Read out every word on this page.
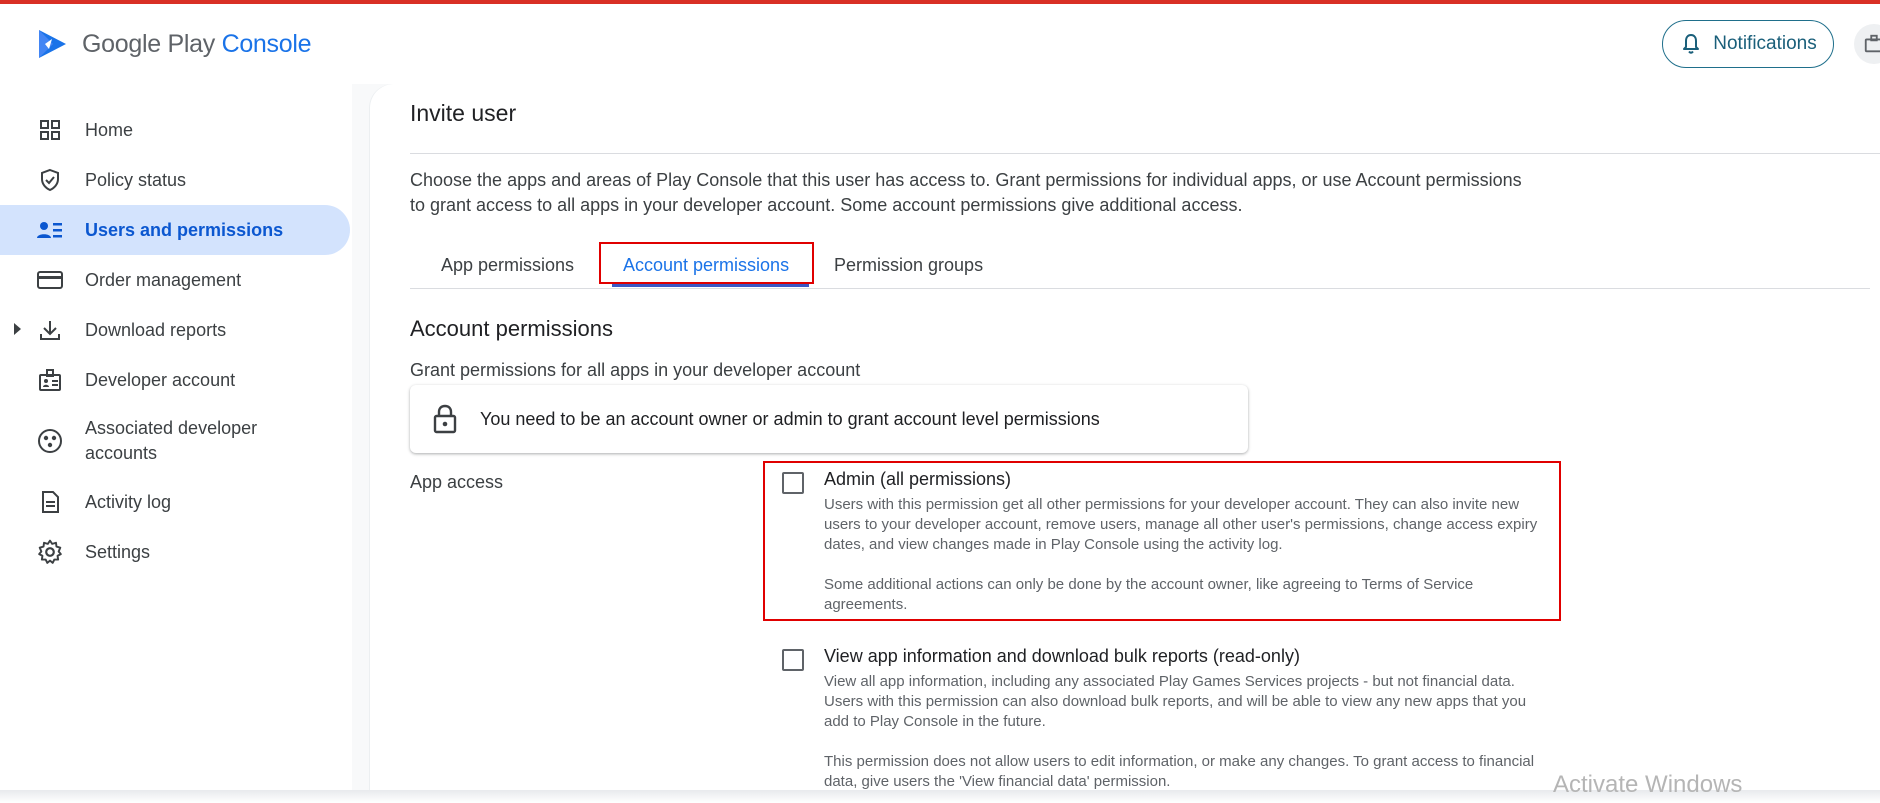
Google Play Console	Notifications
Home
Policy status
Users and permissions
Order management
Download reports
Developer account
Associated developer accounts
Activity log
Settings
Invite user
Choose the apps and areas of Play Console that this user has access to. Grant permissions for individual apps, or use Account permissions to grant access to all apps in your developer account. Some account permissions give additional access.
App permissions	Account permissions Permission groups
Account permissions
Grant permissions for all apps in your developer account
You need to be an account owner or admin to grant account level permissions
App access	Admin (all permissions)
Users with this permission get all other permissions for your developer account. They can also invite new users to your developer account, remove users, manage all other user's permissions, change access expiry dates, and view changes made in Play Console using the activity log.
Some additional actions can only be done by the account owner, like agreeing to Terms of Service agreements.
View app information and download bulk reports (read-only)
View all app information, including any associated Play Games Services projects - but not financial data. Users with this permission can also download bulk reports, and will be able to view any new apps that you add to Play Console in the future.
This permission does not allow users to edit information, or make any changes. To grant access to financial data, give users the 'View financial data' permission.	Activate Windows
